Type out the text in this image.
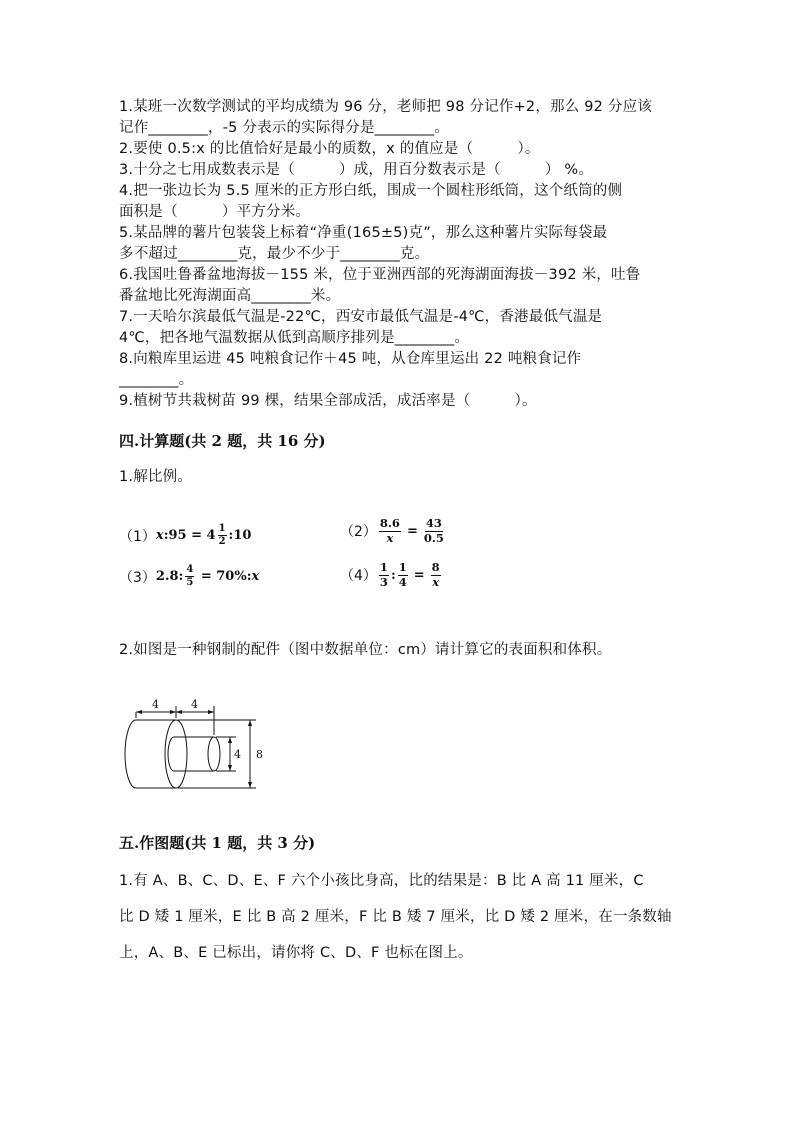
1.某班一次数学测试的平均成绩为 96 分，老师把 98 分记作+2，那么 92 分应该
记作________，-5 分表示的实际得分是________。
2.要使 0.5:x 的比值恰好是最小的质数，x 的值应是（　　　）。
3.十分之七用成数表示是（　　　）成，用百分数表示是（　　　） %。
4.把一张边长为 5.5 厘米的正方形白纸，围成一个圆柱形纸筒，这个纸筒的侧
面积是（　　　）平方分米。
5.某品牌的薯片包装袋上标着“净重(165±5)克”，那么这种薯片实际每袋最
多不超过________克，最少不少于________克。
6.我国吐鲁番盆地海拔－155 米，位于亚洲西部的死海湖面海拔－392 米，吐鲁
番盆地比死海湖面高________米。
7.一天哈尔滨最低气温是-22℃，西安市最低气温是-4℃，香港最低气温是
4℃，把各地气温数据从低到高顺序排列是________。
8.向粮库里运进 45 吨粮食记作＋45 吨，从仓库里运出 22 吨粮食记作
________。
9.植树节共栽树苗 99 棵，结果全部成活，成活率是（　　　）。
四.计算题(共 2 题，共 16 分)
1.解比例。
（1） x:95 = $4 \frac{1}{2}$ :10	$(2) \frac{8.6}{x} = \frac{43}{0.5}$
（3） 2.8: $\frac{4}{5}$ = 70%:x	$(4) \frac{1}{3}$ : $\frac{1}{4} = \frac{8}{x}$
2.如图是一种钢制的配件（图中数据单位：cm）请计算它的表面积和体积。
4	4
4 8
五.作图题(共 1 题，共 3 分)
1.有 A、B、C、D、E、F 六个小孩比身高，比的结果是：B 比 A 高 11 厘米，C
比 D 矮 1 厘米，E 比 B 高 2 厘米，F 比 B 矮 7 厘米，比 D 矮 2 厘米，在一条数轴
上，A、B、E 已标出，请你将 C、D、F 也标在图上。
